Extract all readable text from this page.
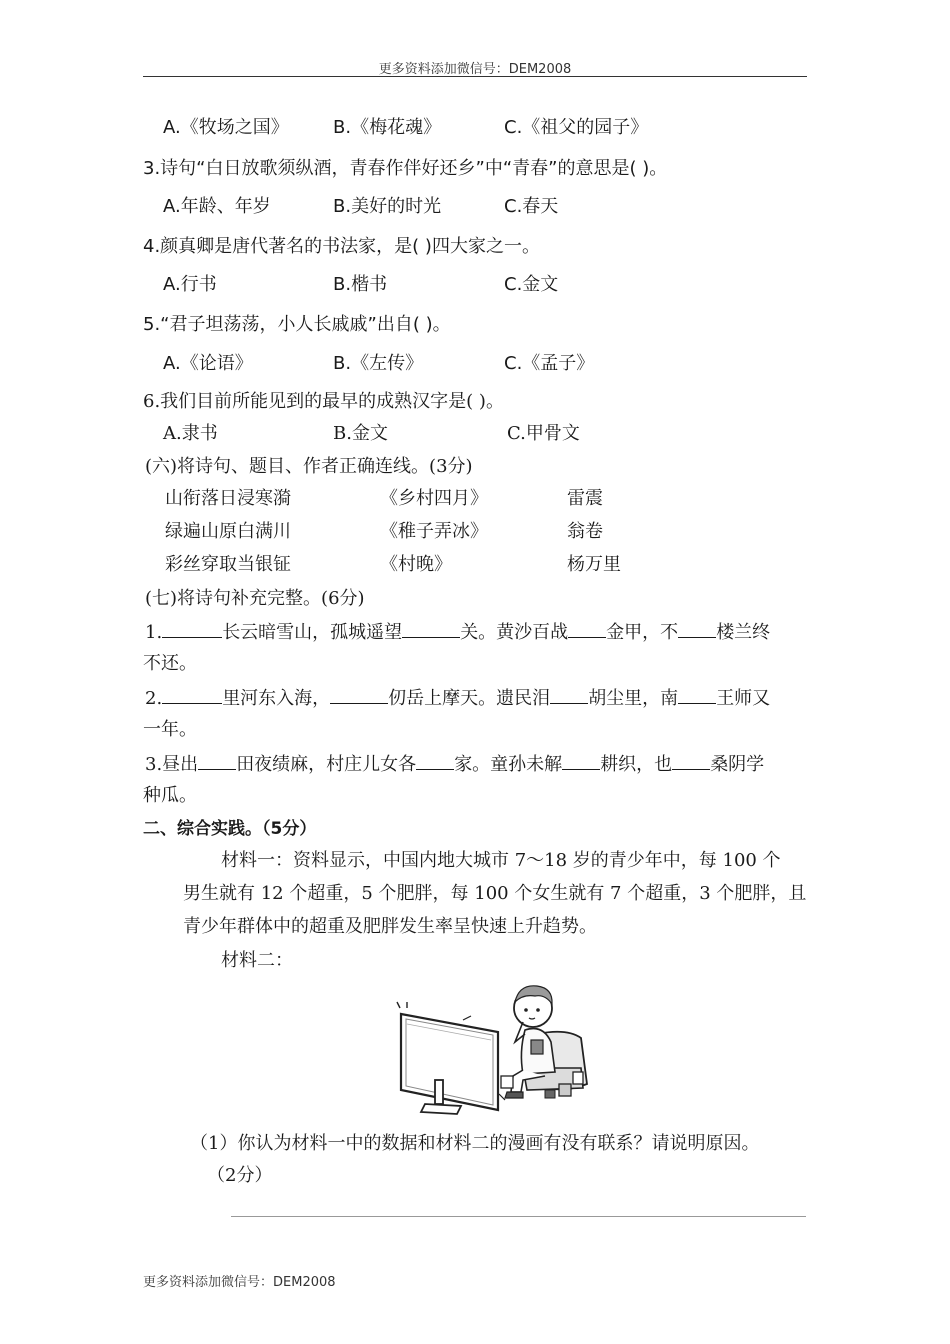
更多资料添加微信号：DEM2008
A.《牧场之国》 B.《梅花魂》	C.《祖父的园子》
3.诗句“白日放歌须纵酒，青春作伴好还乡”中“青春”的意思是( )。
A.年龄、年岁	B.美好的时光	C.春天
4.颜真卿是唐代著名的书法家，是( )四大家之一。
A.行书	B.楷书	C.金文
5.“君子坦荡荡，小人长戚戚”出自( )。
A.《论语》	B.《左传》	C.《孟子》
6.我们目前所能见到的最早的成熟汉字是( )。
A.隶书	B.金文	C.甲骨文
(六)将诗句、题目、作者正确连线。(3分)
山衔落日浸寒漪	《乡村四月》	雷震
绿遍山原白满川	《稚子弄冰》	翁卷
彩丝穿取当银钲	《村晚》	杨万里
(七)将诗句补充完整。(6分)
1.	长云暗雪山，孤城遥望	关。黄沙百战 金甲，不 楼兰终
不还。
2.	里河东入海，	仞岳上摩天。遗民泪 胡尘里，南 王师又
一年。
3.昼出 田夜绩麻，村庄儿女各 家。童孙未解 耕织，也 桑阴学
种瓜。
二、综合实践。（5分）
材料一：资料显示，中国内地大城市 7～18 岁的青少年中，每 100 个
男生就有 12 个超重，5 个肥胖，每 100 个女生就有 7 个超重，3 个肥胖，且
青少年群体中的超重及肥胖发生率呈快速上升趋势。
材料二：
（1）你认为材料一中的数据和材料二的漫画有没有联系？请说明原因。
（2分）
更多资料添加微信号：DEM2008
